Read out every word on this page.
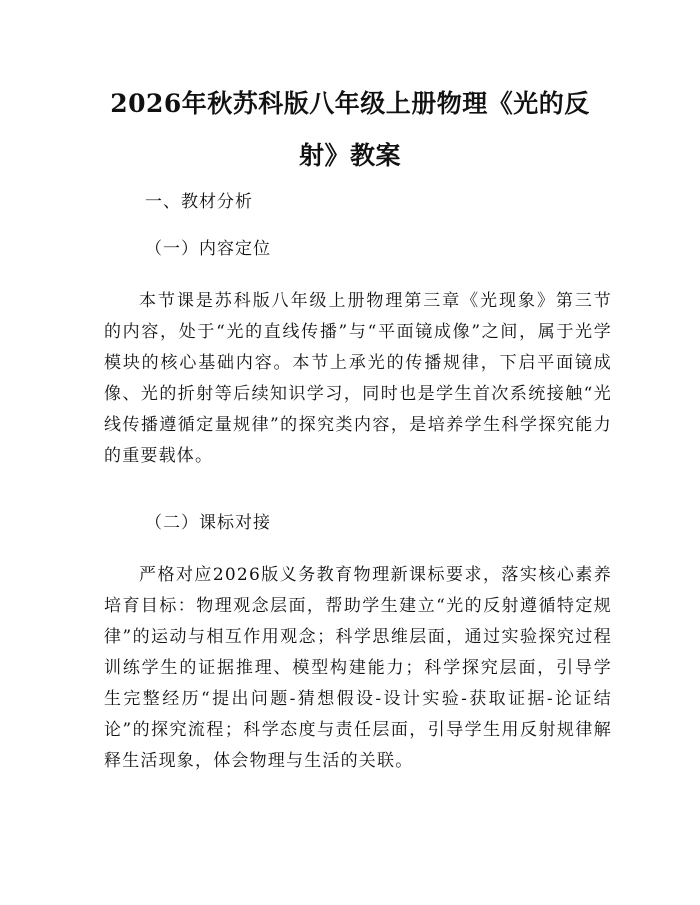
2026年秋苏科版八年级上册物理《光的反射》教案

一、教材分析

（一）内容定位

本节课是苏科版八年级上册物理第三章《光现象》第三节的内容，处于“光的直线传播”与“平面镜成像”之间，属于光学模块的核心基础内容。本节上承光的传播规律，下启平面镜成像、光的折射等后续知识学习，同时也是学生首次系统接触“光线传播遵循定量规律”的探究类内容，是培养学生科学探究能力的重要载体。

（二）课标对接

严格对应2026版义务教育物理新课标要求，落实核心素养培育目标：物理观念层面，帮助学生建立“光的反射遵循特定规律”的运动与相互作用观念；科学思维层面，通过实验探究过程训练学生的证据推理、模型构建能力；科学探究层面，引导学生完整经历“提出问题-猜想假设-设计实验-获取证据-论证结论”的探究流程；科学态度与责任层面，引导学生用反射规律解释生活现象，体会物理与生活的关联。
